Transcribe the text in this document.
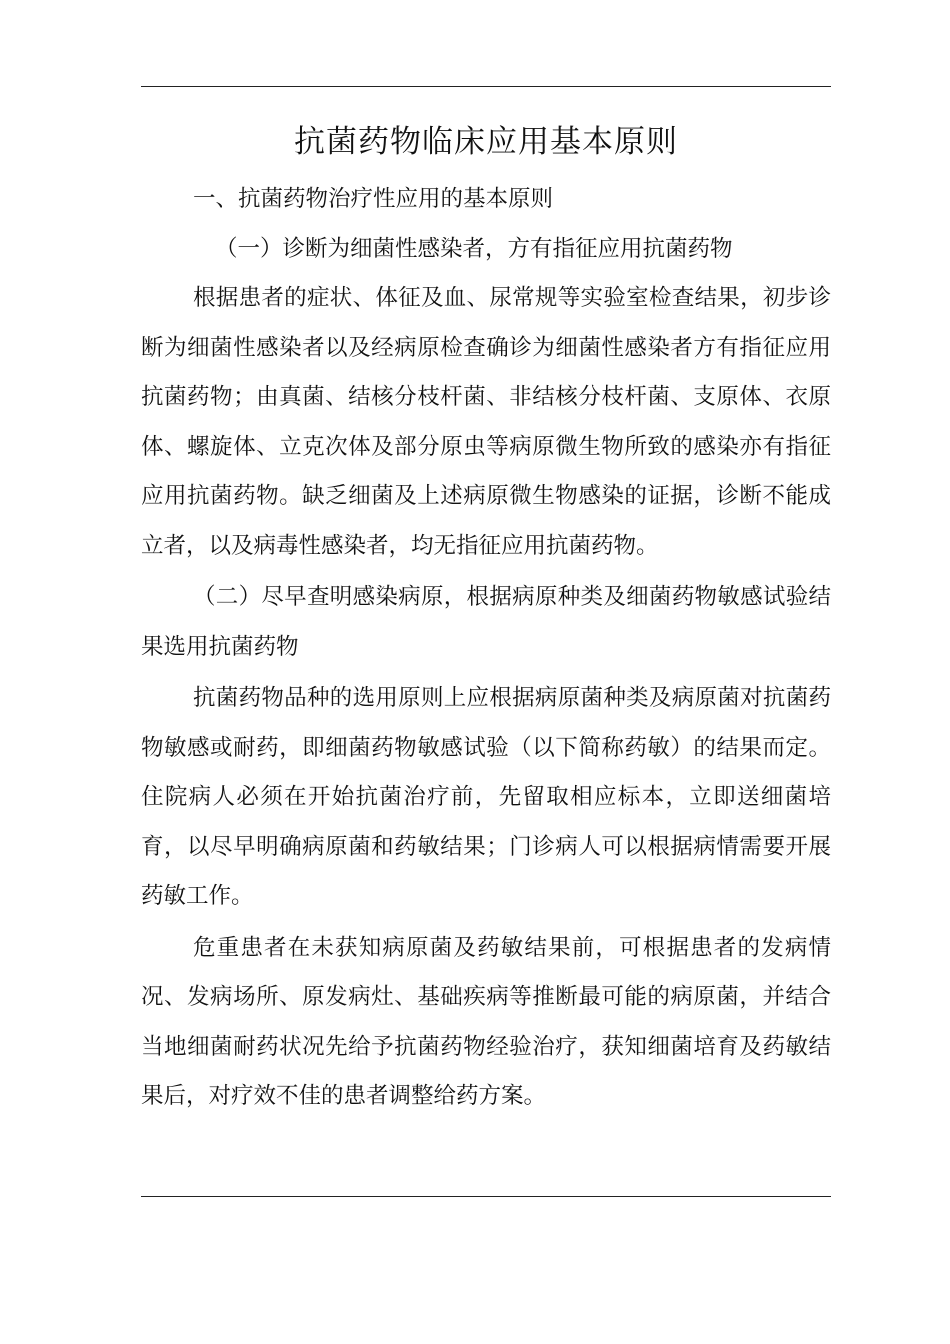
抗菌药物临床应用基本原则

一、抗菌药物治疗性应用的基本原则

（一）诊断为细菌性感染者，方有指征应用抗菌药物

根据患者的症状、体征及血、尿常规等实验室检查结果，初步诊断为细菌性感染者以及经病原检查确诊为细菌性感染者方有指征应用抗菌药物；由真菌、结核分枝杆菌、非结核分枝杆菌、支原体、衣原体、螺旋体、立克次体及部分原虫等病原微生物所致的感染亦有指征应用抗菌药物。缺乏细菌及上述病原微生物感染的证据，诊断不能成立者，以及病毒性感染者，均无指征应用抗菌药物。

（二）尽早查明感染病原，根据病原种类及细菌药物敏感试验结果选用抗菌药物

抗菌药物品种的选用原则上应根据病原菌种类及病原菌对抗菌药物敏感或耐药，即细菌药物敏感试验（以下简称药敏）的结果而定。住院病人必须在开始抗菌治疗前，先留取相应标本，立即送细菌培育，以尽早明确病原菌和药敏结果；门诊病人可以根据病情需要开展药敏工作。

危重患者在未获知病原菌及药敏结果前，可根据患者的发病情况、发病场所、原发病灶、基础疾病等推断最可能的病原菌，并结合当地细菌耐药状况先给予抗菌药物经验治疗，获知细菌培育及药敏结果后，对疗效不佳的患者调整给药方案。
